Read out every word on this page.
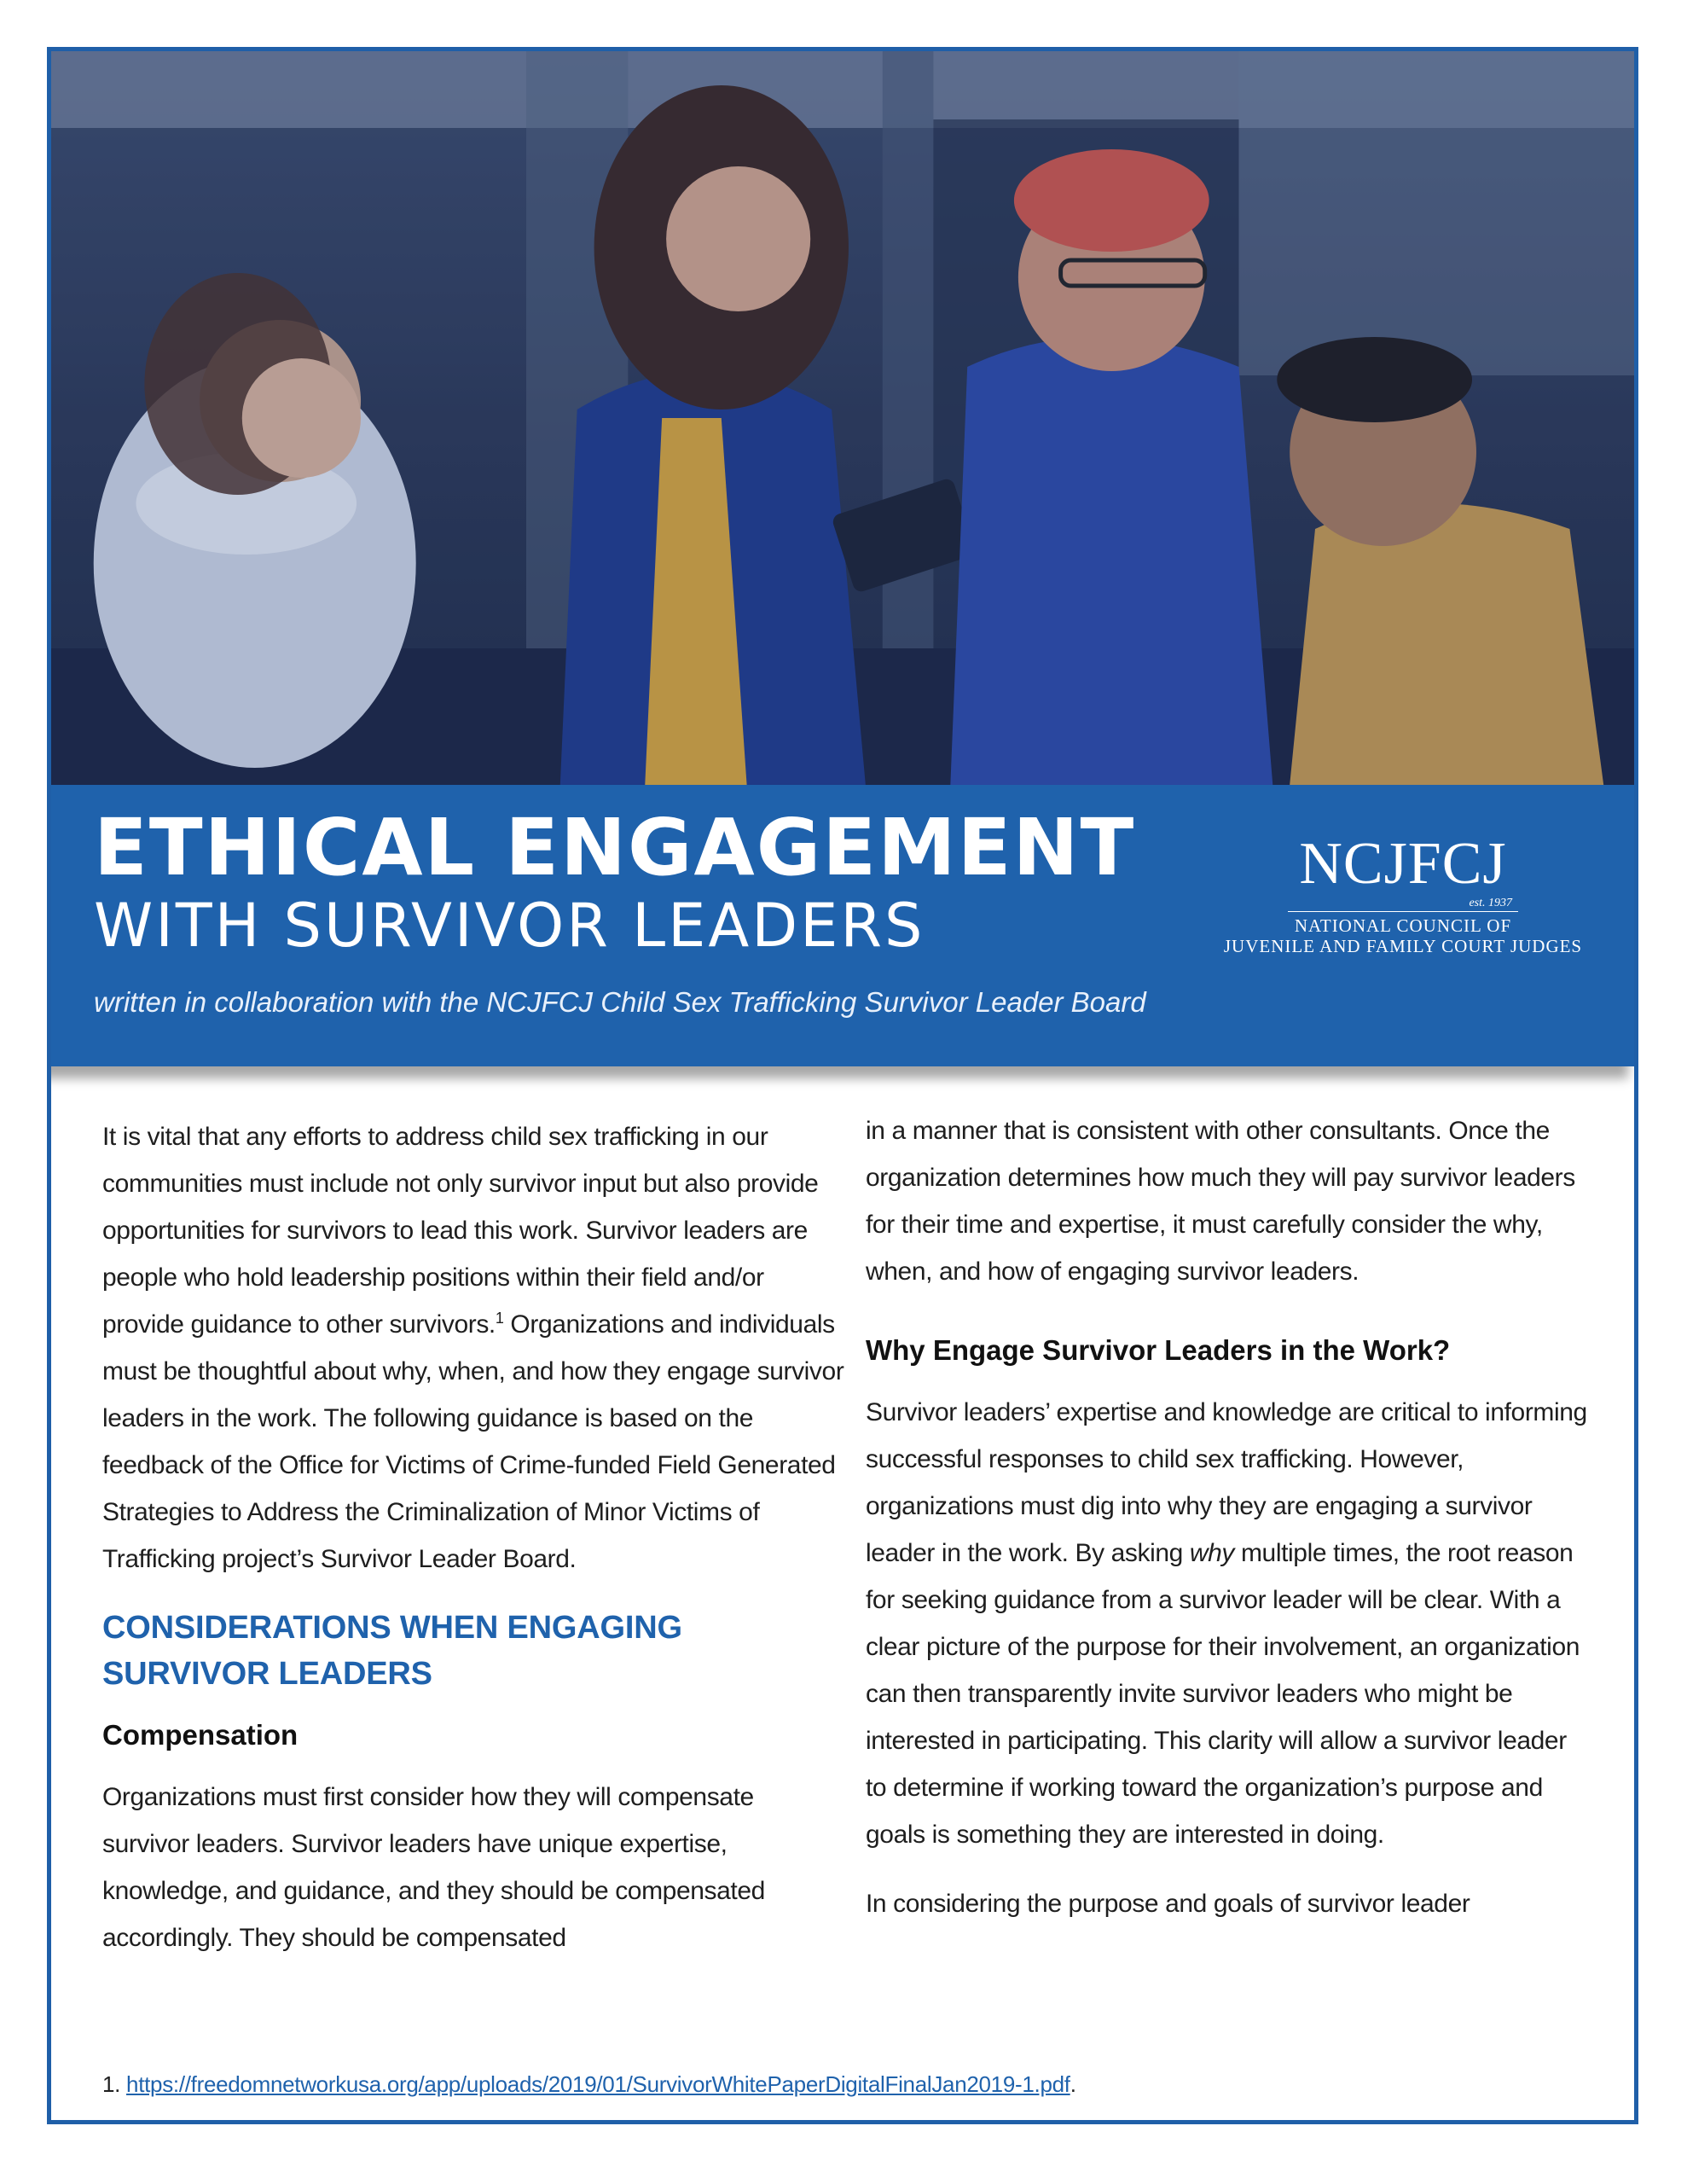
ETHICAL ENGAGEMENT
WITH SURVIVOR LEADERS

written in collaboration with the NCJFCJ Child Sex Trafficking Survivor Leader Board

NCJFCJ
est. 1937
NATIONAL COUNCIL OF
JUVENILE AND FAMILY COURT JUDGES

It is vital that any efforts to address child sex trafficking in our communities must include not only survivor input but also provide opportunities for survivors to lead this work. Survivor leaders are people who hold leadership positions within their field and/or provide guidance to other survivors.$^1$ Organizations and individuals must be thoughtful about why, when, and how they engage survivor leaders in the work. The following guidance is based on the feedback of the Office for Victims of Crime-funded Field Generated Strategies to Address the Criminalization of Minor Victims of Trafficking project’s Survivor Leader Board.

CONSIDERATIONS WHEN ENGAGING SURVIVOR LEADERS
Compensation

Organizations must first consider how they will compensate survivor leaders. Survivor leaders have unique expertise, knowledge, and guidance, and they should be compensated accordingly. They should be compensated

in a manner that is consistent with other consultants. Once the organization determines how much they will pay survivor leaders for their time and expertise, it must carefully consider the why, when, and how of engaging survivor leaders.

Why Engage Survivor Leaders in the Work?

Survivor leaders’ expertise and knowledge are critical to informing successful responses to child sex trafficking. However, organizations must dig into why they are engaging a survivor leader in the work. By asking why multiple times, the root reason for seeking guidance from a survivor leader will be clear. With a clear picture of the purpose for their involvement, an organization can then transparently invite survivor leaders who might be interested in participating. This clarity will allow a survivor leader to determine if working toward the organization’s purpose and goals is something they are interested in doing.

In considering the purpose and goals of survivor leader

1. https://freedomnetworkusa.org/app/uploads/2019/01/SurvivorWhitePaperDigitalFinalJan2019-1.pdf.
